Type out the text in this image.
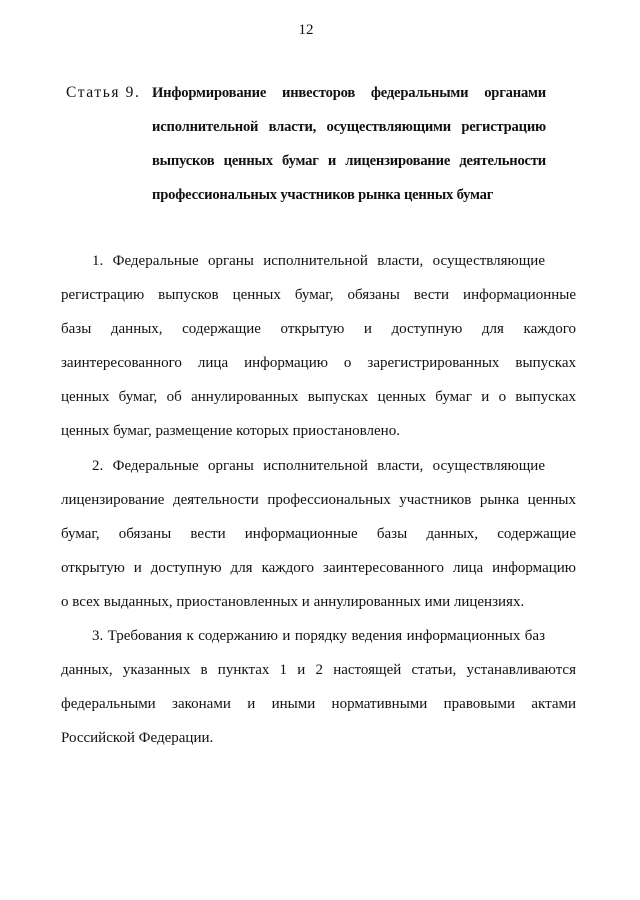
12
Статья 9. Информирование инвесторов федеральными органами
исполнительной власти, осуществляющими регистрацию
выпусков ценных бумаг и лицензирование деятельности
профессиональных участников рынка ценных бумаг
1. Федеральные органы исполнительной власти, осуществляющие
регистрацию выпусков ценных бумаг, обязаны вести информационные
базы данных, содержащие открытую и доступную для каждого
заинтересованного лица информацию о зарегистрированных выпусках
ценных бумаг, об аннулированных выпусках ценных бумаг и о выпусках
ценных бумаг, размещение которых приостановлено.
2. Федеральные органы исполнительной власти, осуществляющие
лицензирование деятельности профессиональных участников рынка ценных
бумаг, обязаны вести информационные базы данных, содержащие
открытую и доступную для каждого заинтересованного лица информацию
о всех выданных, приостановленных и аннулированных ими лицензиях.
3. Требования к содержанию и порядку ведения информационных баз
данных, указанных в пунктах 1 и 2 настоящей статьи, устанавливаются
федеральными законами и иными нормативными правовыми актами
Российской Федерации.
